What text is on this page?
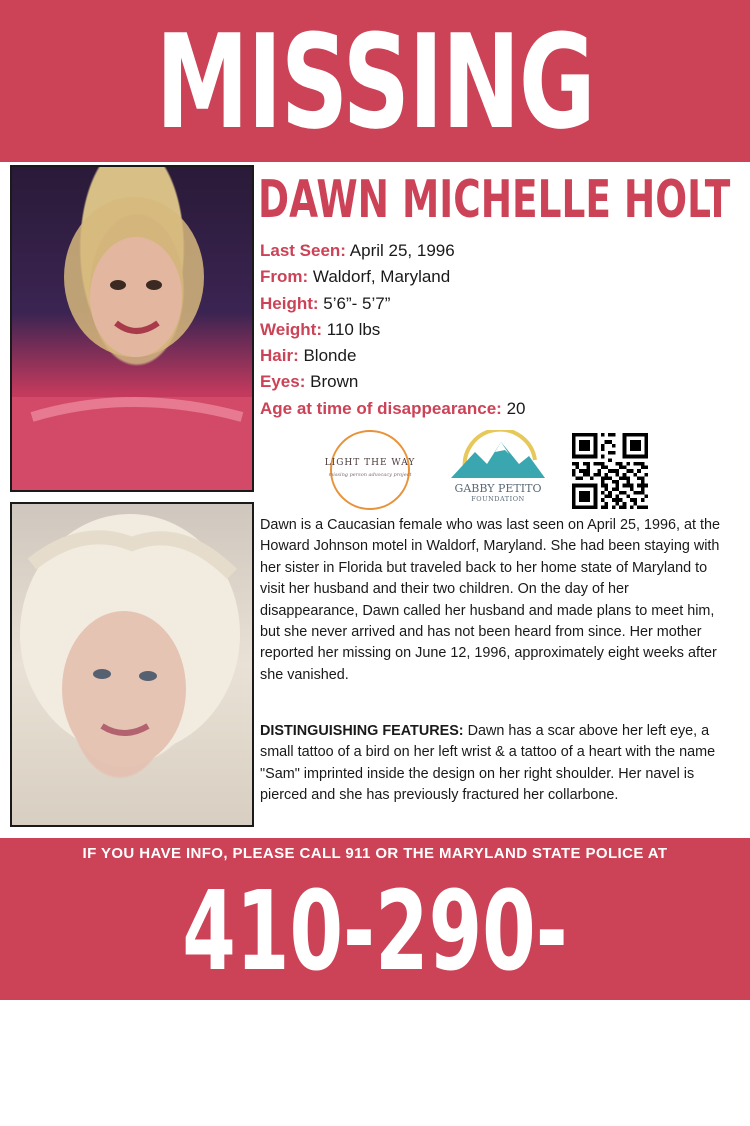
MISSING
DAWN MICHELLE HOLT
Last Seen: April 25, 1996
From: Waldorf, Maryland
Height: 5’6”- 5’7”
Weight: 110 lbs
Hair: Blonde
Eyes: Brown
Age at time of disappearance: 20
LIGHT THE WAY
missing person advocacy project
GABBY PETITO
FOUNDATION

Dawn is a Caucasian female who was last seen on April 25, 1996, at the Howard Johnson motel in Waldorf, Maryland. She had been staying with her sister in Florida but traveled back to her home state of Maryland to visit her husband and their two children. On the day of her disappearance, Dawn called her husband and made plans to meet him, but she never arrived and has not been heard from since. Her mother reported her missing on June 12, 1996, approximately eight weeks after she vanished.

DISTINGUISHING FEATURES: Dawn has a scar above her left eye, a small tattoo of a bird on her left wrist & a tattoo of a heart with the name "Sam" imprinted inside the design on her right shoulder. Her navel is pierced and she has previously fractured her collarbone.
IF YOU HAVE INFO, PLEASE CALL 911 OR THE MARYLAND STATE POLICE AT
410-290-0050
